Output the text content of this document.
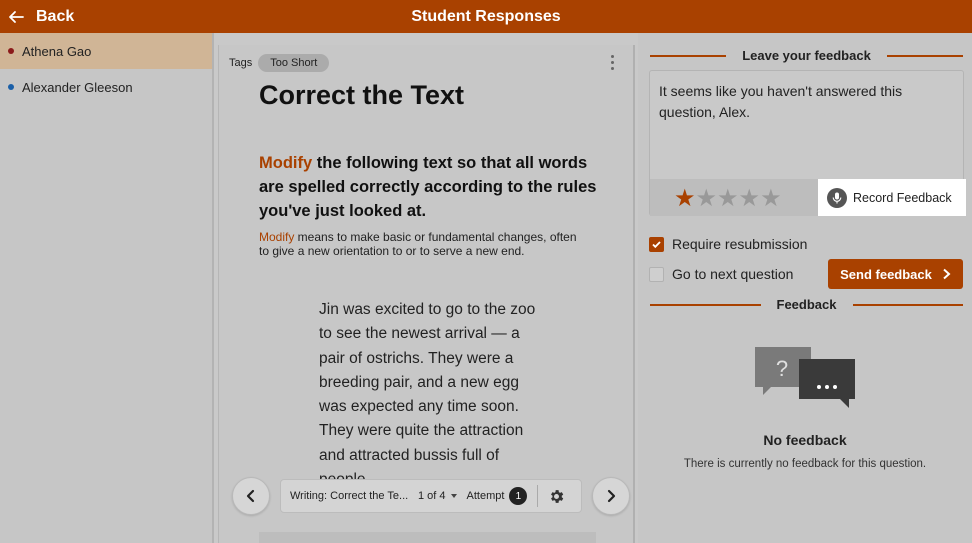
Back	Student Responses
Athena Gao
Alexander Gleeson
Tags	Too Short
Correct the Text
Modify the following text so that all words are spelled correctly according to the rules you've just looked at.
Modify means to make basic or fundamental changes, often to give a new orientation to or to serve a new end.
Jin was excited to go to the zoo to see the newest arrival — a pair of ostrichs. They were a breeding pair, and a new egg was expected any time soon. They were quite the attraction and attracted bussis full of
Writing: Correct the Te... 1 of 4 Attempt	1
Leave your feedback
It seems like you haven't answered this question, Alex.
★ ★ ★ ★ ★	Record Feedback
Require resubmission
Go to next question	Send feedback
Feedback
?
No feedback
There is currently no feedback for this question.
